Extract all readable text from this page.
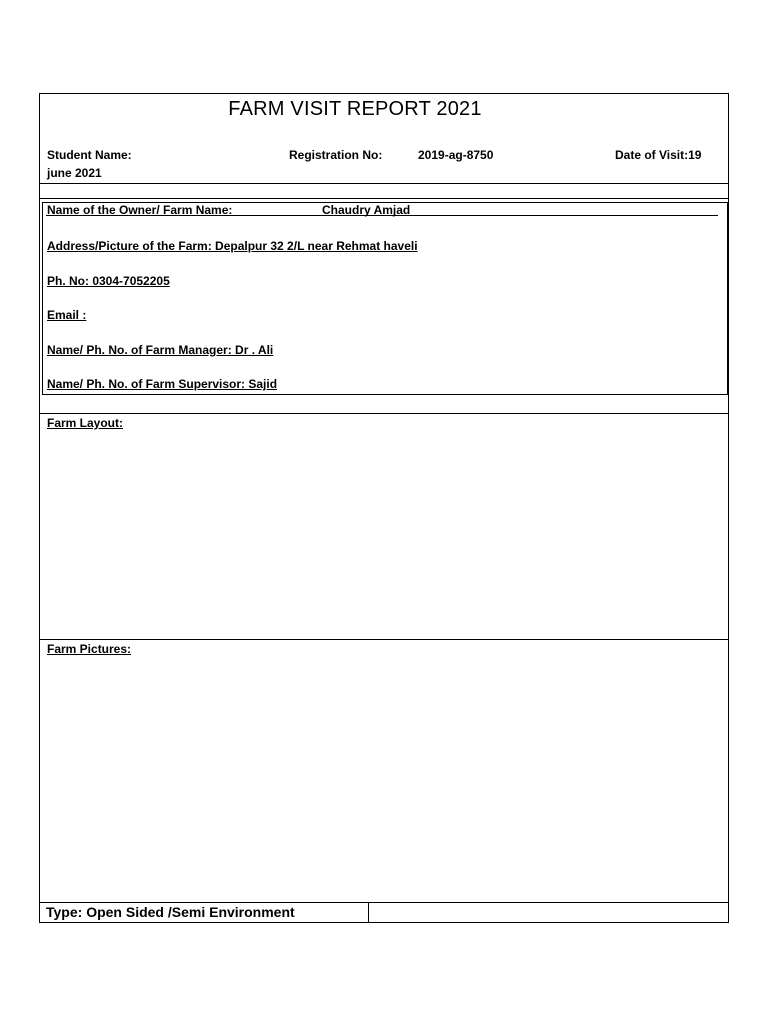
FARM VISIT REPORT 2021
Student Name:	Registration No:	2019-ag-8750	Date of Visit:19
june 2021
Name of the Owner/ Farm Name:	Chaudry Amjad
Address/Picture of the Farm: Depalpur 32 2/L near Rehmat haveli
Ph. No: 0304-7052205
Email :
Name/ Ph. No. of Farm Manager: Dr . Ali
Name/ Ph. No. of Farm Supervisor: Sajid
Farm Layout:
Farm Pictures:
Type: Open Sided /Semi Environment
